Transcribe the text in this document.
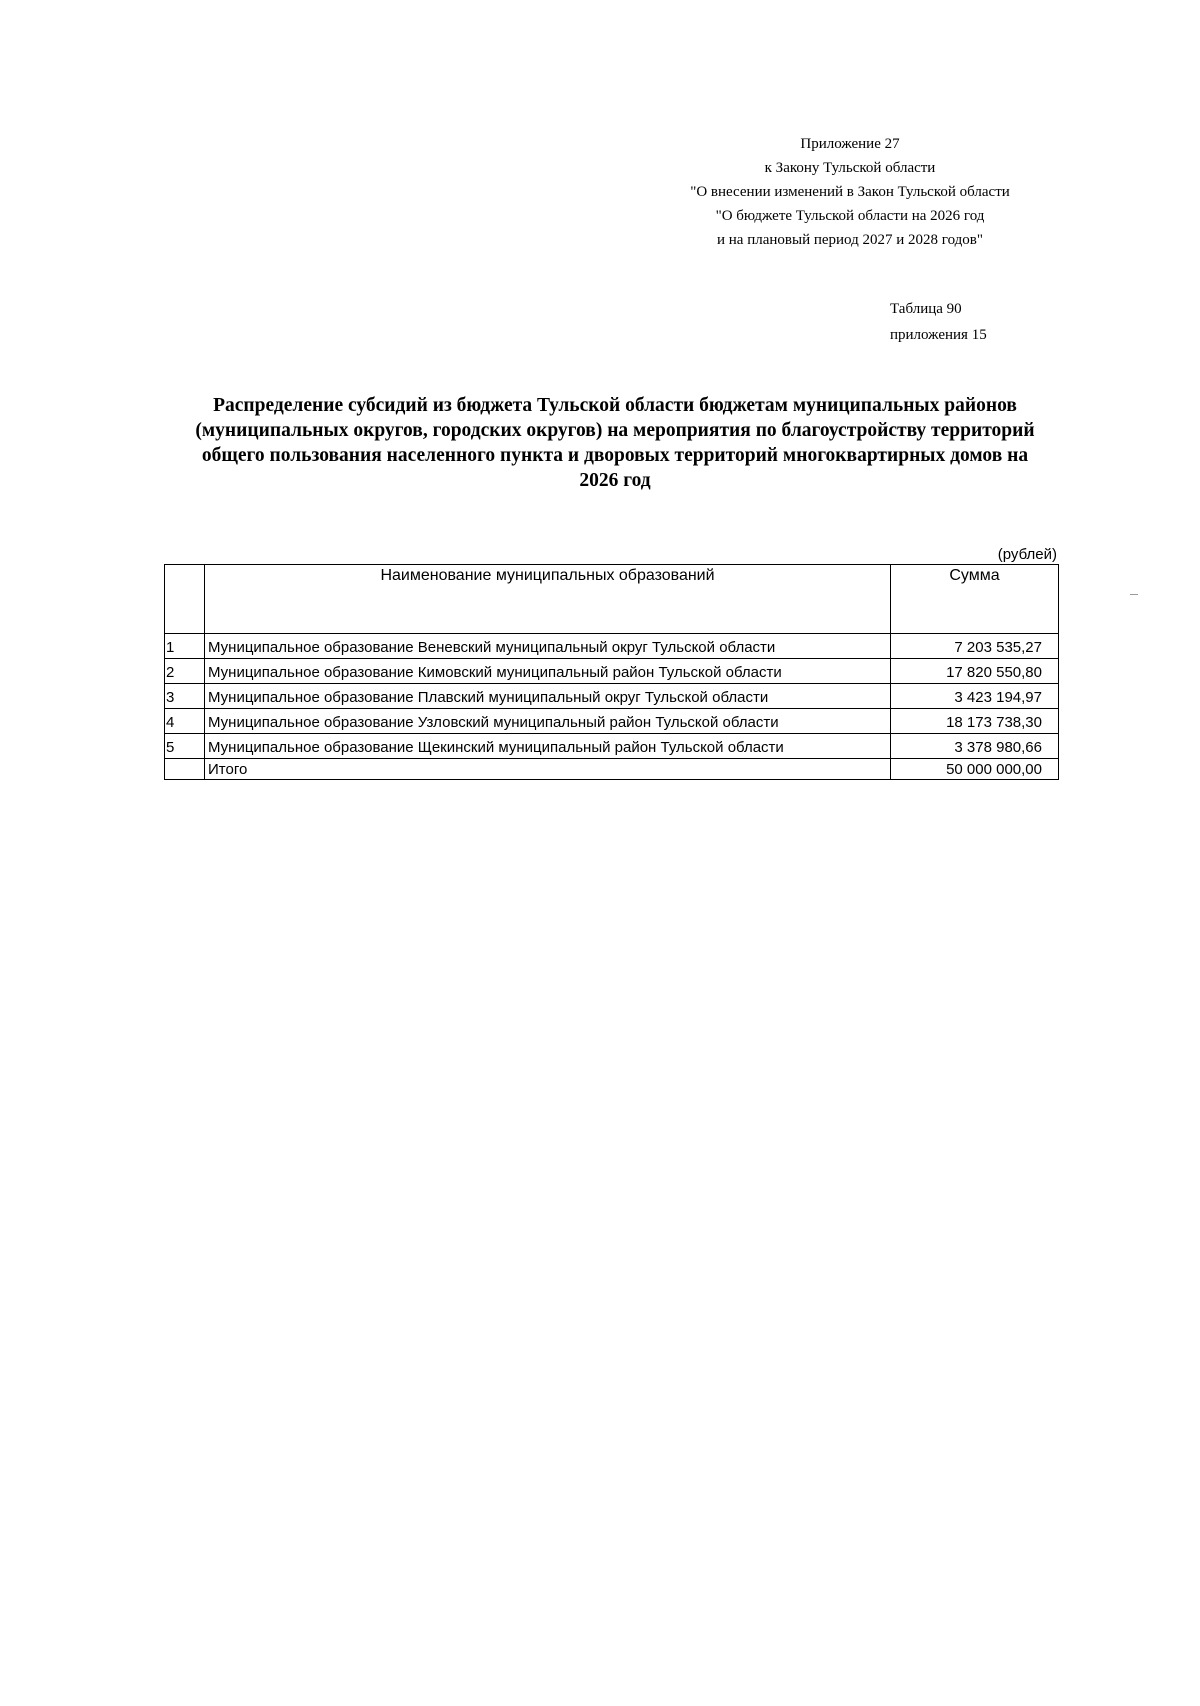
Приложение 27
к Закону Тульской области
"О внесении изменений в Закон Тульской области
"О бюджете Тульской области на 2026 год
и на плановый период 2027 и 2028 годов"
Таблица 90
приложения 15
Распределение субсидий из бюджета Тульской области бюджетам муниципальных районов
(муниципальных округов, городских округов) на мероприятия по благоустройству территорий
общего пользования населенного пункта и дворовых территорий многоквартирных домов на
2026 год
(рублей)
	Наименование муниципальных образований	Сумма
1	Муниципальное образование Веневский муниципальный округ Тульской области	7 203 535,27
2	Муниципальное образование Кимовский муниципальный район Тульской области	17 820 550,80
3	Муниципальное образование Плавский муниципальный округ Тульской области	3 423 194,97
4	Муниципальное образование Узловский муниципальный район Тульской области	18 173 738,30
5	Муниципальное образование Щекинский муниципальный район Тульской области	3 378 980,66
	Итого	50 000 000,00
